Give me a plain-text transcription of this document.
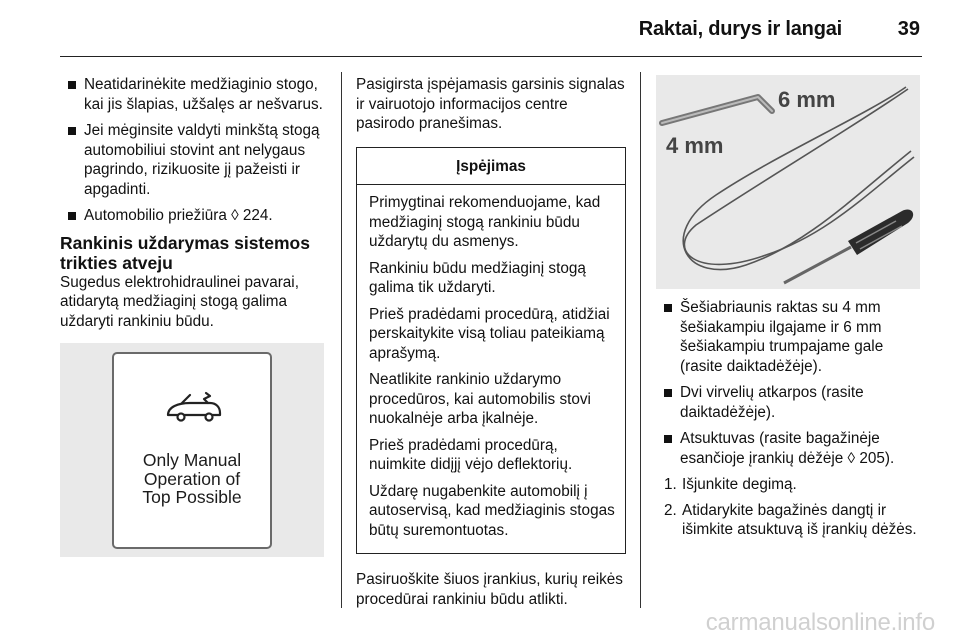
Raktai, durys ir langai	39
Neatidarinėkite medžiaginio stogo, kai jis šlapias, užšalęs ar nešvarus.
Jei mėginsite valdyti minkštą stogą automobiliui stovint ant nelygaus pagrindo, rizikuosite jį pažeisti ir apgadinti.
Automobilio priežiūra ◊ 224.
Rankinis uždarymas sistemos
trikties atveju

Sugedus elektrohidraulinei pavarai, atidarytą medžiaginį stogą galima uždaryti rankiniu būdu.

Only Manual
Operation of
Top Possible

Pasigirsta įspėjamasis garsinis signalas ir vairuotojo informacijos centre pasirodo pranešimas.

Įspėjimas

Primygtinai rekomenduojame, kad medžiaginį stogą rankiniu būdu uždarytų du asmenys.

Rankiniu būdu medžiaginį stogą galima tik uždaryti.

Prieš pradėdami procedūrą, atidžiai perskaitykite visą toliau pateikiamą aprašymą.

Neatlikite rankinio uždarymo procedūros, kai automobilis stovi nuokalnėje arba įkalnėje.

Prieš pradėdami procedūrą, nuimkite didįjį vėjo deflektorių.

Uždarę nugabenkite automobilį į autoservisą, kad medžiaginis stogas būtų suremontuotas.

Pasiruoškite šiuos įrankius, kurių reikės procedūrai rankiniu būdu atlikti.

6 mm
4 mm
Šešiabriaunis raktas su 4 mm šešiakampiu ilgajame ir 6 mm šešiakampiu trumpajame gale (rasite daiktadėžėje).
Dvi virvelių atkarpos (rasite daiktadėžėje).
Atsuktuvas (rasite bagažinėje esančioje įrankių dėžėje ◊ 205).
1. Išjunkite degimą.
2. Atidarykite bagažinės dangtį ir išimkite atsuktuvą iš įrankių dėžės.
carmanualsonline.info
